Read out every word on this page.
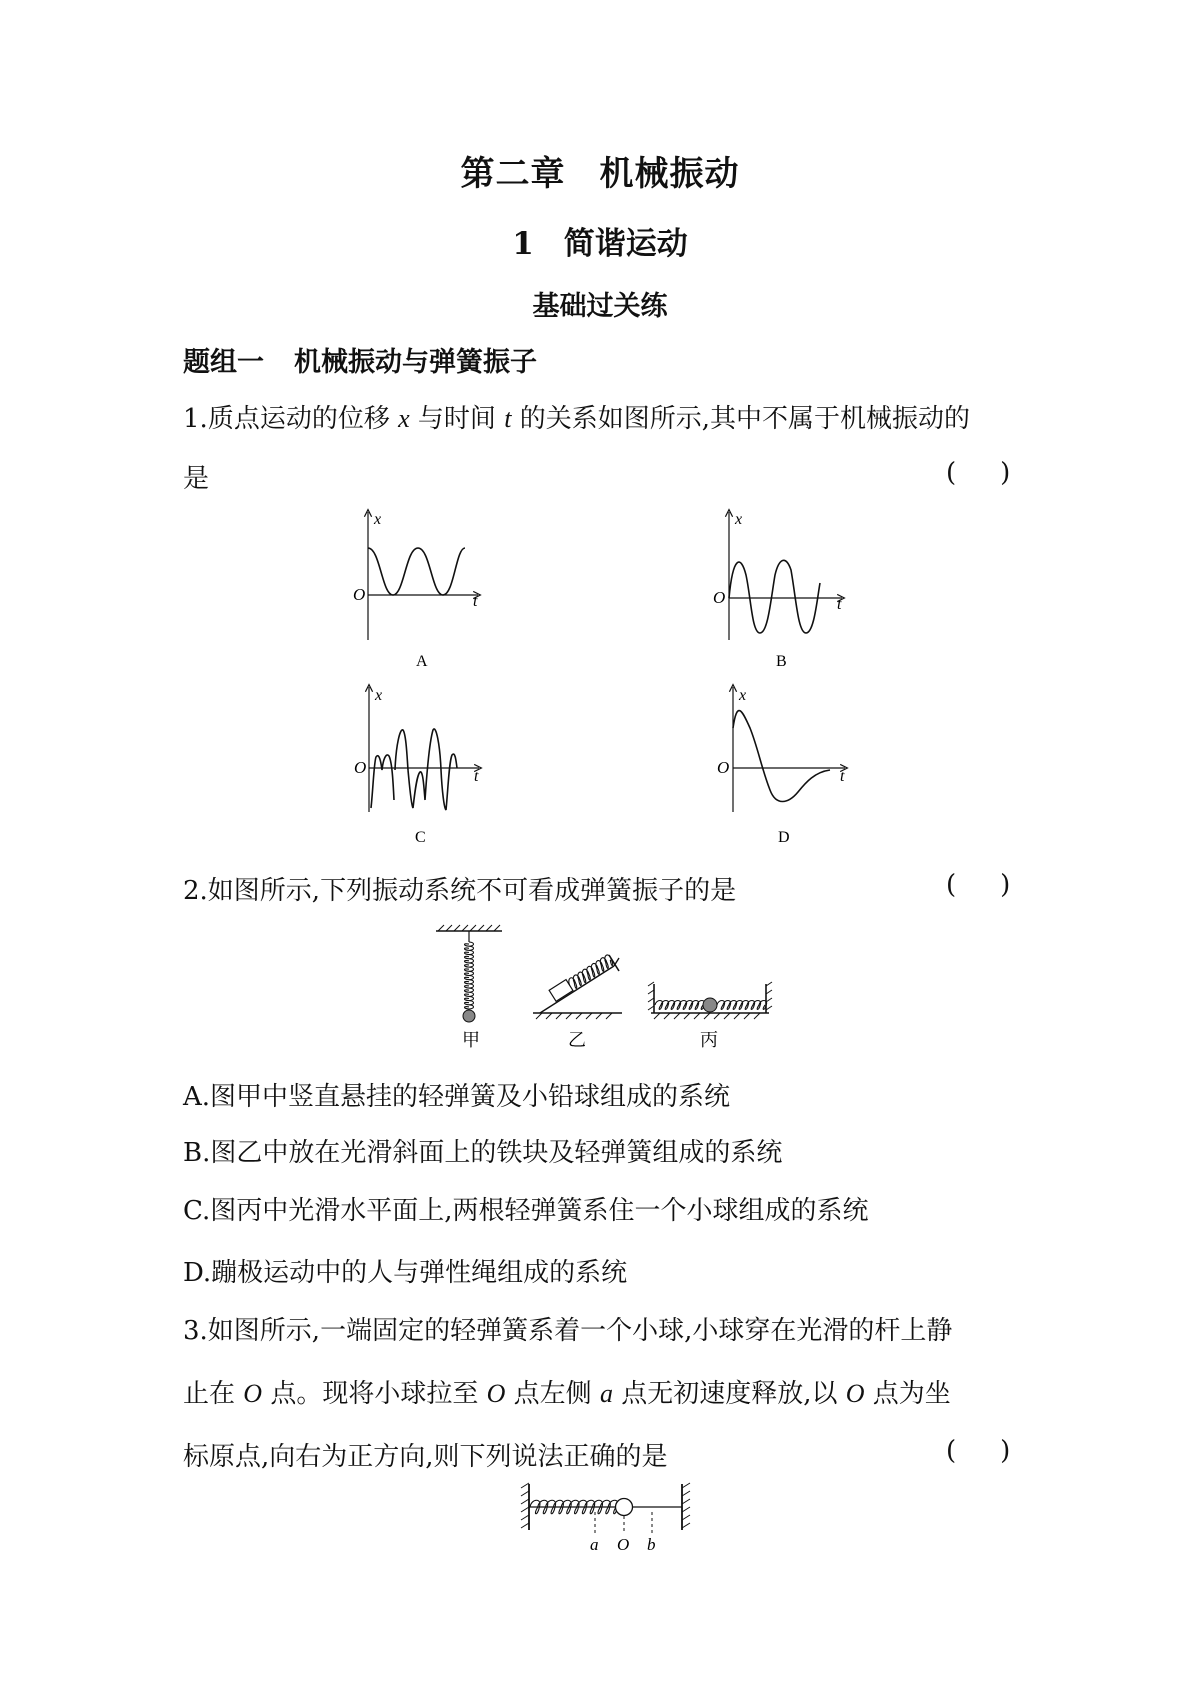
第二章 机械振动
1 简谐运动
基础过关练
题组一 机械振动与弹簧振子
1.质点运动的位移 x 与时间 t 的关系如图所示,其中不属于机械振动的
是	( )
x
t
O
A
x
t
O
B
x
t
O
C
x
t
O
D
甲	乙	丙
a O b
2.如图所示,下列振动系统不可看成弹簧振子的是	( )
A.图甲中竖直悬挂的轻弹簧及小铅球组成的系统
B.图乙中放在光滑斜面上的铁块及轻弹簧组成的系统
C.图丙中光滑水平面上,两根轻弹簧系住一个小球组成的系统
D.蹦极运动中的人与弹性绳组成的系统
3.如图所示,一端固定的轻弹簧系着一个小球,小球穿在光滑的杆上静
止在 O 点。现将小球拉至 O 点左侧 a 点无初速度释放,以 O 点为坐
标原点,向右为正方向,则下列说法正确的是	( )
